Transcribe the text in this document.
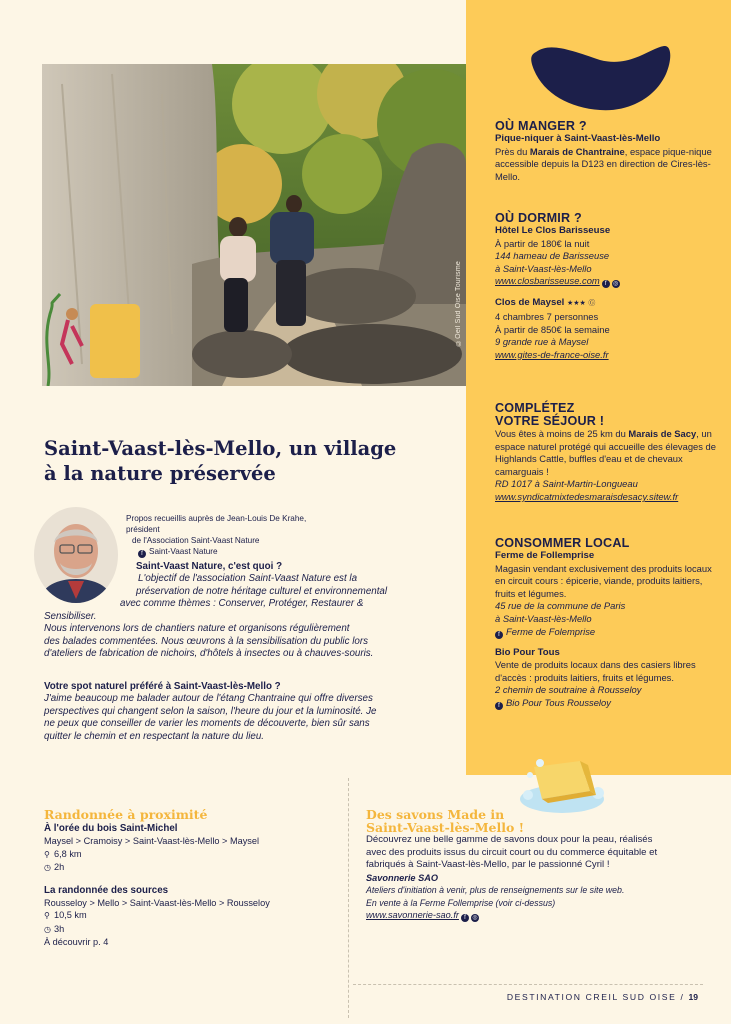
©Oeil Sud Oise Tourisme
OÙ MANGER ?
Pique-niquer à Saint-Vaast-lès-Mello
Près du Marais de Chantraine, espace pique-nique accessible depuis la D123 en direction de Cires-lès-Mello.
OÙ DORMIR ?
Hôtel Le Clos Barisseuse
À partir de 180€ la nuit
144 hameau de Barisseuse
à Saint-Vaast-lès-Mello
www.closbarisseuse.com f ◎
Clos de Maysel ★★★ Ⓖ
4 chambres 7 personnes
À partir de 850€ la semaine
9 grande rue à Maysel
www.gites-de-france-oise.fr
COMPLÉTEZ
VOTRE SÉJOUR !
Vous êtes à moins de 25 km du Marais de Sacy, un espace naturel protégé qui accueille des élevages de Highlands Cattle, buffles d'eau et de chevaux camarguais !
RD 1017 à Saint-Martin-Longueau
www.syndicatmixtedesmaraisdesacy.sitew.fr
CONSOMMER LOCAL
Ferme de Follemprise
Magasin vendant exclusivement des produits locaux en circuit cours : épicerie, viande, produits laitiers, fruits et légumes.
45 rue de la commune de Paris
à Saint-Vaast-lès-Mello
f Ferme de Folemprise
Bio Pour Tous
Vente de produits locaux dans des casiers libres d'accès : produits laitiers, fruits et légumes.
2 chemin de soutraine à Rousseloy
f Bio Pour Tous Rousseloy
Saint-Vaast-lès-Mello, un village
à la nature préservée
Propos recueillis auprès de Jean-Louis De Krahe, président
de l'Association Saint-Vaast Nature
f Saint-Vaast Nature
Saint-Vaast Nature, c'est quoi ?
L'objectif de l'association Saint-Vaast Nature est la
préservation de notre héritage culturel et environnemental
avec comme thèmes : Conserver, Protéger, Restaurer &
Sensibiliser.
Nous intervenons lors de chantiers nature et organisons régulièrement
des balades commentées. Nous œuvrons à la sensibilisation du public lors
d'ateliers de fabrication de nichoirs, d'hôtels à insectes ou à chauves-souris.
Votre spot naturel préféré à Saint-Vaast-lès-Mello ?
J'aime beaucoup me balader autour de l'étang Chantraine qui offre diverses
perspectives qui changent selon la saison, l'heure du jour et la luminosité. Je
ne peux que conseiller de varier les moments de découverte, bien sûr sans
quitter le chemin et en respectant la nature du lieu.
Randonnée à proximité
À l'orée du bois Saint-Michel
Maysel > Cramoisy > Saint-Vaast-lès-Mello > Maysel
⚲ 6,8 km
◷ 2h
La randonnée des sources
Rousseloy > Mello > Saint-Vaast-lès-Mello > Rousseloy
⚲ 10,5 km
◷ 3h
À découvrir p. 4
Des savons Made in
Saint-Vaast-lès-Mello !
Découvrez une belle gamme de savons doux pour la peau, réalisés avec des produits issus du circuit court ou du commerce équitable et fabriqués à Saint-Vaast-lès-Mello, par le passionné Cyril !
Savonnerie SAO
Ateliers d'initiation à venir, plus de renseignements sur le site web.
En vente à la Ferme Follemprise (voir ci-dessus)
www.savonnerie-sao.fr f ◎
DESTINATION CREIL SUD OISE / 19
